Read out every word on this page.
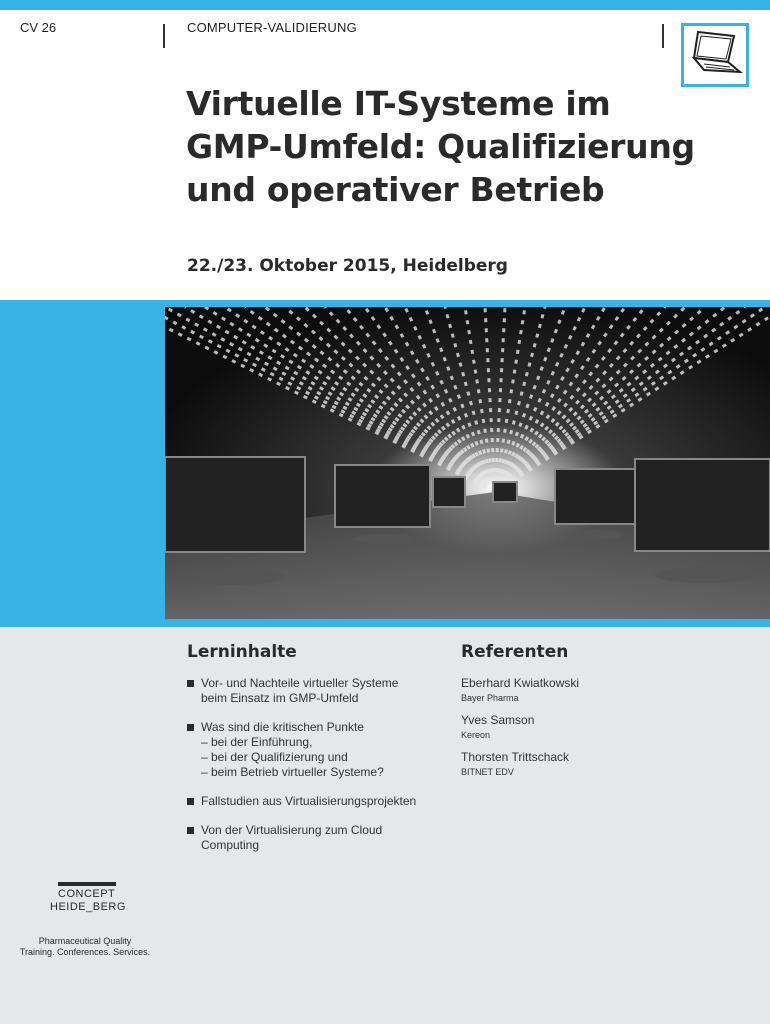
CV 26	COMPUTER-VALIDIERUNG
Virtuelle IT-Systeme im
GMP-Umfeld: Qualifizierung
und operativer Betrieb
22./23. Oktober 2015, Heidelberg
Lerninhalte
Vor- und Nachteile virtueller Systeme
beim Einsatz im GMP-Umfeld
Was sind die kritischen Punkte
– bei der Einführung,
– bei der Qualifizierung und
– beim Betrieb virtueller Systeme?
Fallstudien aus Virtualisierungsprojekten
Von der Virtualisierung zum Cloud
Computing
Referenten
Eberhard Kwiatkowski
Bayer Pharma
Yves Samson
Kereon
Thorsten Trittschack
BITNET EDV
CONCEPT
HEIDE_BERG
Pharmaceutical Quality
Training. Conferences. Services.
